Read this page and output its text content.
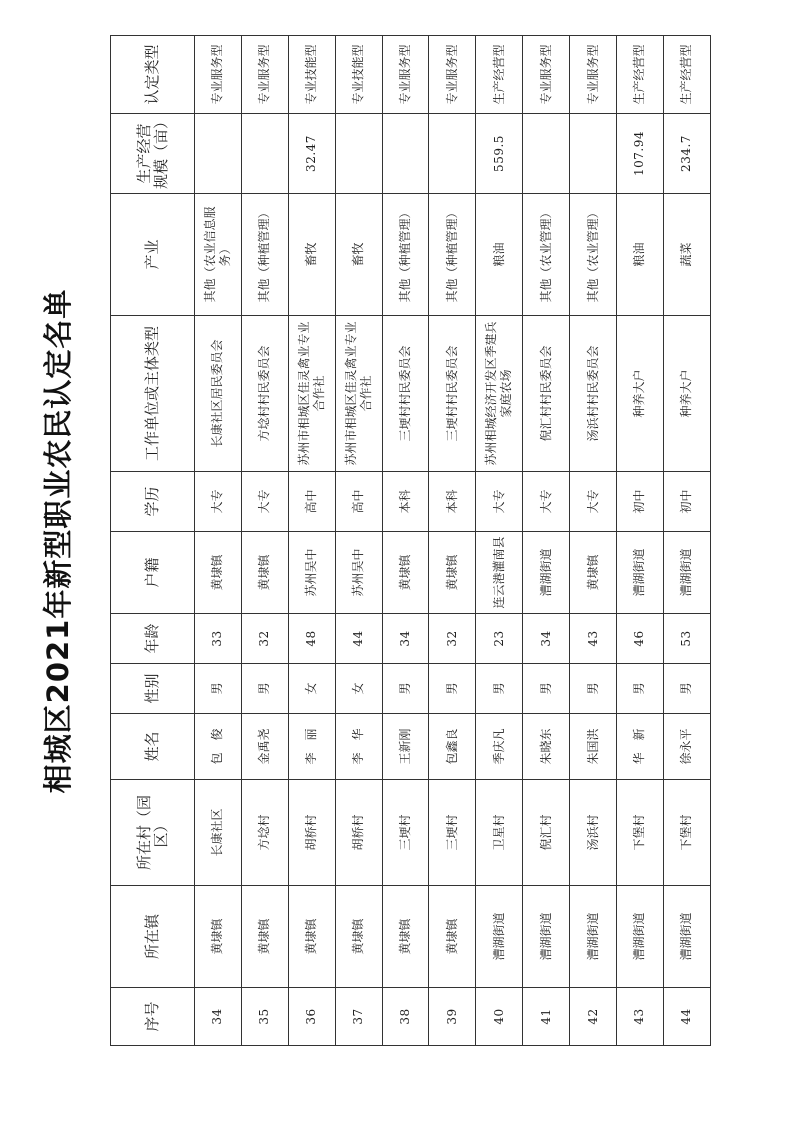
相城区2021年新型职业农民认定名单
序号	所在镇	所在村（园区）	姓名	性别	年龄	户籍	学历	工作单位或主体类型	产业	生产经营规模（亩）	认定类型
34	黄埭镇	长康社区	包　俊	男	33	黄埭镇	大专	长康社区居民委员会	其他（农业信息服务）		专业服务型
35	黄埭镇	方埝村	金禹尧	男	32	黄埭镇	大专	方埝村村民委员会	其他（种植管理）		专业服务型
36	黄埭镇	胡桥村	李　丽	女	48	苏州吴中	高中	苏州市相城区佳灵禽业专业合作社	畜牧	32.47	专业技能型
37	黄埭镇	胡桥村	李　华	女	44	苏州吴中	高中	苏州市相城区佳灵禽业专业合作社	畜牧		专业技能型
38	黄埭镇	三埂村	王新刚	男	34	黄埭镇	本科	三埂村村民委员会	其他（种植管理）		专业服务型
39	黄埭镇	三埂村	包鑫良	男	32	黄埭镇	本科	三埂村村民委员会	其他（种植管理）		专业服务型
40	漕湖街道	卫星村	季庆凡	男	23	连云港灌南县	大专	苏州相城经济开发区季建兵家庭农场	粮油	559.5	生产经营型
41	漕湖街道	倪汇村	朱晓东	男	34	漕湖街道	大专	倪汇村村民委员会	其他（农业管理）		专业服务型
42	漕湖街道	汤浜村	朱国洪	男	43	黄埭镇	大专	汤浜村村民委员会	其他（农业管理）		专业服务型
43	漕湖街道	下堡村	华　新	男	46	漕湖街道	初中	种养大户	粮油	107.94	生产经营型
44	漕湖街道	下堡村	徐永平	男	53	漕湖街道	初中	种养大户	蔬菜	234.7	生产经营型
